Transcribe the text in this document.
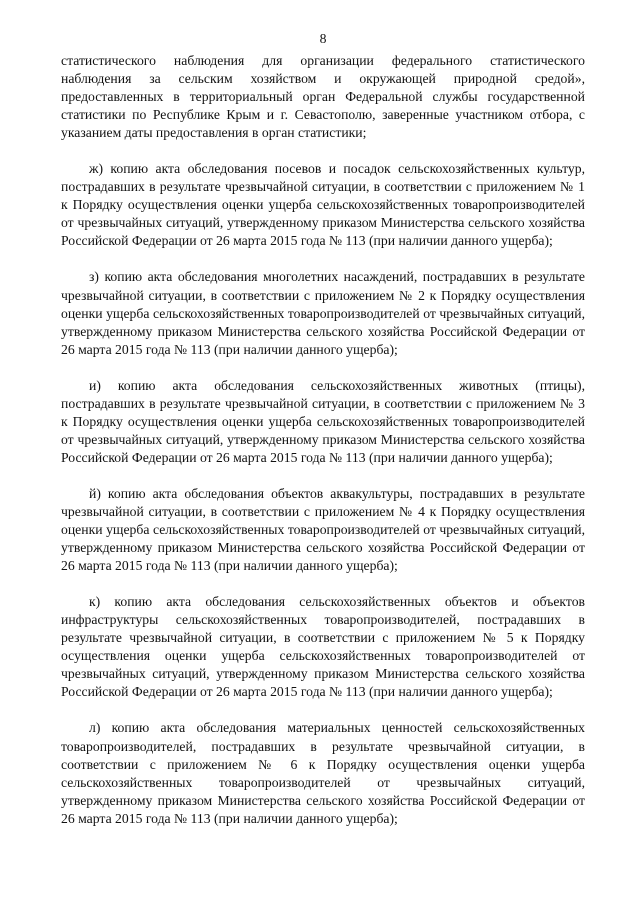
8

статистического наблюдения для организации федерального статистического наблюдения за сельским хозяйством и окружающей природной средой», предоставленных в территориальный орган Федеральной службы государственной статистики по Республике Крым и г. Севастополю, заверенные участником отбора, с указанием даты предоставления в орган статистики;

ж) копию акта обследования посевов и посадок сельскохозяйственных культур, пострадавших в результате чрезвычайной ситуации, в соответствии с приложением № 1 к Порядку осуществления оценки ущерба сельскохозяйственных товаропроизводителей от чрезвычайных ситуаций, утвержденному приказом Министерства сельского хозяйства Российской Федерации от 26 марта 2015 года № 113 (при наличии данного ущерба);

з) копию акта обследования многолетних насаждений, пострадавших в результате чрезвычайной ситуации, в соответствии с приложением № 2 к Порядку осуществления оценки ущерба сельскохозяйственных товаропроизводителей от чрезвычайных ситуаций, утвержденному приказом Министерства сельского хозяйства Российской Федерации от 26 марта 2015 года № 113 (при наличии данного ущерба);

и) копию акта обследования сельскохозяйственных животных (птицы), пострадавших в результате чрезвычайной ситуации, в соответствии с приложением № 3 к Порядку осуществления оценки ущерба сельскохозяйственных товаропроизводителей от чрезвычайных ситуаций, утвержденному приказом Министерства сельского хозяйства Российской Федерации от 26 марта 2015 года № 113 (при наличии данного ущерба);

й) копию акта обследования объектов аквакультуры, пострадавших в результате чрезвычайной ситуации, в соответствии с приложением № 4 к Порядку осуществления оценки ущерба сельскохозяйственных товаропроизводителей от чрезвычайных ситуаций, утвержденному приказом Министерства сельского хозяйства Российской Федерации от 26 марта 2015 года № 113 (при наличии данного ущерба);

к) копию акта обследования сельскохозяйственных объектов и объектов инфраструктуры сельскохозяйственных товаропроизводителей, пострадавших в результате чрезвычайной ситуации, в соответствии с приложением № 5 к Порядку осуществления оценки ущерба сельскохозяйственных товаропроизводителей от чрезвычайных ситуаций, утвержденному приказом Министерства сельского хозяйства Российской Федерации от 26 марта 2015 года № 113 (при наличии данного ущерба);

л) копию акта обследования материальных ценностей сельскохозяйственных товаропроизводителей, пострадавших в результате чрезвычайной ситуации, в соответствии с приложением № 6 к Порядку осуществления оценки ущерба сельскохозяйственных товаропроизводителей от чрезвычайных ситуаций, утвержденному приказом Министерства сельского хозяйства Российской Федерации от 26 марта 2015 года № 113 (при наличии данного ущерба);
